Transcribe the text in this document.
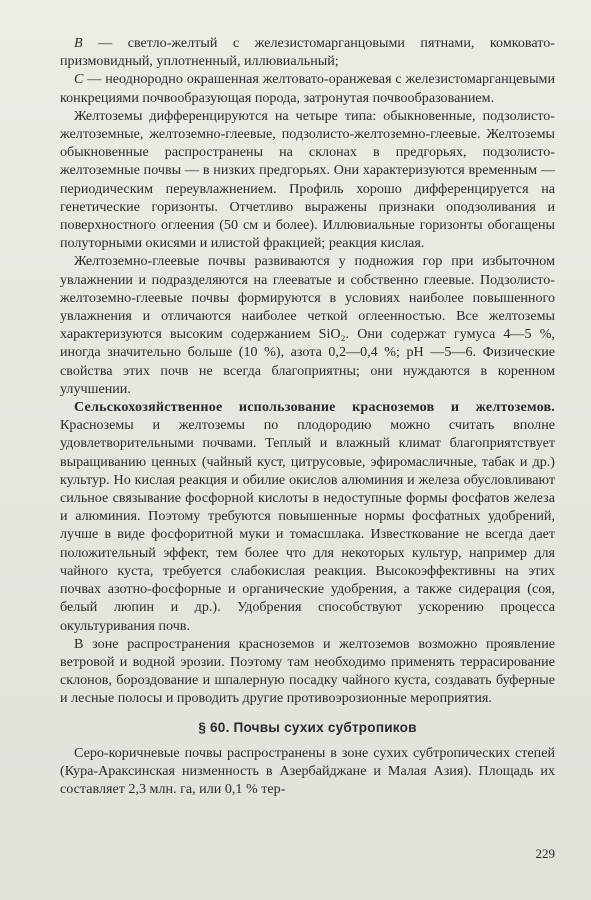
B — светло-желтый с железистомарганцовыми пятнами, комковато-призмовидный, уплотненный, иллювиальный;

C — неоднородно окрашенная желтовато-оранжевая с железистомарганцевыми конкрециями почвообразующая порода, затронутая почвообразованием.

Желтоземы дифференцируются на четыре типа: обыкновенные, подзолисто-желтоземные, желтоземно-глеевые, подзолисто-желтоземно-глеевые. Желтоземы обыкновенные распространены на склонах в предгорьях, подзолисто-желтоземные почвы — в низких предгорьях. Они характеризуются временным — периодическим переувлажнением. Профиль хорошо дифференцируется на генетические горизонты. Отчетливо выражены признаки оподзоливания и поверхностного оглеения (50 см и более). Иллювиальные горизонты обогащены полуторными окисями и илистой фракцией; реакция кислая.

Желтоземно-глеевые почвы развиваются у подножия гор при избыточном увлажнении и подразделяются на глееватые и собственно глеевые. Подзолисто-желтоземно-глеевые почвы формируются в условиях наиболее повышенного увлажнения и отличаются наиболее четкой оглеенностью. Все желтоземы характеризуются высоким содержанием SiO₂. Они содержат гумуса 4—5 %, иногда значительно больше (10 %), азота 0,2—0,4 %; pH —5—6. Физические свойства этих почв не всегда благоприятны; они нуждаются в коренном улучшении.

Сельскохозяйственное использование красноземов и желтоземов. Красноземы и желтоземы по плодородию можно считать вполне удовлетворительными почвами. Теплый и влажный климат благоприятствует выращиванию ценных (чайный куст, цитрусовые, эфиромасличные, табак и др.) культур. Но кислая реакция и обилие окислов алюминия и железа обусловливают сильное связывание фосфорной кислоты в недоступные формы фосфатов железа и алюминия. Поэтому требуются повышенные нормы фосфатных удобрений, лучше в виде фосфоритной муки и томасшлака. Известкование не всегда дает положительный эффект, тем более что для некоторых культур, например для чайного куста, требуется слабокислая реакция. Высокоэффективны на этих почвах азотно-фосфорные и органические удобрения, а также сидерация (соя, белый люпин и др.). Удобрения способствуют ускорению процесса окультуривания почв.

В зоне распространения красноземов и желтоземов возможно проявление ветровой и водной эрозии. Поэтому там необходимо применять террасирование склонов, бороздование и шпалерную посадку чайного куста, создавать буферные и лесные полосы и проводить другие противоэрозионные мероприятия.

§ 60. Почвы сухих субтропиков

Серо-коричневые почвы распространены в зоне сухих субтропических степей (Кура-Араксинская низменность в Азербайджане и Малая Азия). Площадь их составляет 2,3 млн. га, или 0,1 % тер-

229
